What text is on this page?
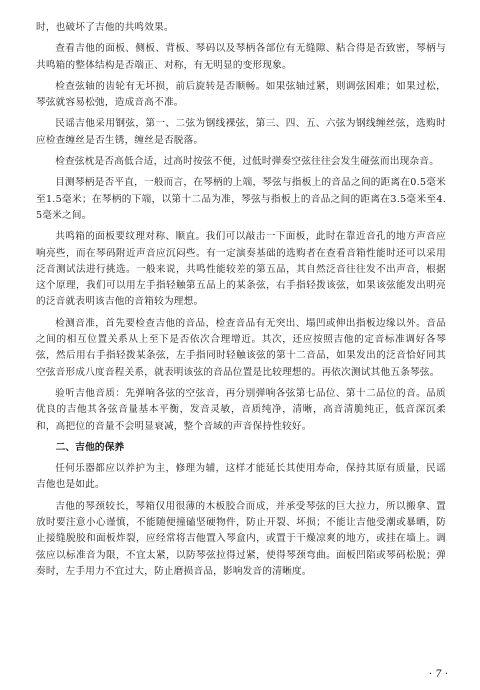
时，也破坏了吉他的共鸣效果。

查看吉他的面板、侧板、背板、琴码以及琴柄各部位有无缝隙、粘合得是否致密，琴柄与共鸣箱的整体结构是否端正、对称，有无明显的变形现象。

检查弦轴的齿轮有无坏损，前后旋转是否顺畅。如果弦轴过紧，则调弦困难；如果过松，琴弦就容易松弛，造成音高不准。

民谣吉他采用钢弦，第一、二弦为钢线裸弦，第三、四、五、六弦为钢线缠丝弦，选购时应检查缠丝是否生锈，缠丝是否脱落。

检查弦枕是否高低合适，过高时按弦不便，过低时弹奏空弦往往会发生碰弦而出现杂音。

目测琴柄是否平直，一般而言，在琴柄的上端，琴弦与指板上的音品之间的距离在0.5毫米至1.5毫米；在琴柄的下端，以第十二品为准，琴弦与指板上的音品之间的距离在3.5毫米至4.5毫米之间。

共鸣箱的面板要纹理对称、顺直。我们可以敲击一下面板，此时在靠近音孔的地方声音应响亮些，而在琴码附近声音应沉闷些。有一定演奏基础的选购者在查看音箱性能时还可以采用泛音测试法进行挑选。一般来说，共鸣性能较差的第五品，其自然泛音往往发不出声音，根据这个原理，我们可以用左手指轻触第五品上的某条弦，右手指轻拨该弦，如果该弦能发出明亮的泛音就表明该吉他的音箱较为理想。

检测音准，首先要检查吉他的音品，检查音品有无突出、塌凹或伸出指板边缘以外。音品之间的相互位置关系从上至下是否依次合理增近。其次，还应按照吉他的定音标准调好各琴弦，然后用右手指轻拨某条弦，左手指同时轻触该弦的第十二音品，如果发出的泛音恰好同其空弦音形成八度音程关系，就表明该弦的音品位置是比较理想的。再依次测试其他五条琴弦。

验听吉他音质：先弹响各弦的空弦音，再分别弹响各弦第七品位、第十二品位的音。品质优良的吉他其各弦音量基本平衡，发音灵敏，音质纯净，清晰，高音清脆纯正，低音深沉柔和，高把位的音量不会明显衰减，整个音域的声音保持性较好。

二、吉他的保养

任何乐器都应以养护为主，修理为辅，这样才能延长其使用寿命，保持其原有质量，民谣吉他也是如此。

吉他的琴颈较长，琴箱仅用很薄的木板胶合而成，并承受琴弦的巨大拉力，所以搬拿、置放时要注意小心谨慎，不能随便撞磕坚硬物件，防止开裂、坏损；不能让吉他受潮或暴晒，防止接缝脱胶和面板炸裂，应经常将吉他置入琴盒内，或置于干燥凉爽的地方，或挂在墙上。调弦应以标准音为限，不宜太紧，以防琴弦拉得过紧，使得琴颈弯曲。面板凹陷或琴码松脱；弹奏时，左手用力不宜过大，防止磨损音品，影响发音的清晰度。

· 7 ·
